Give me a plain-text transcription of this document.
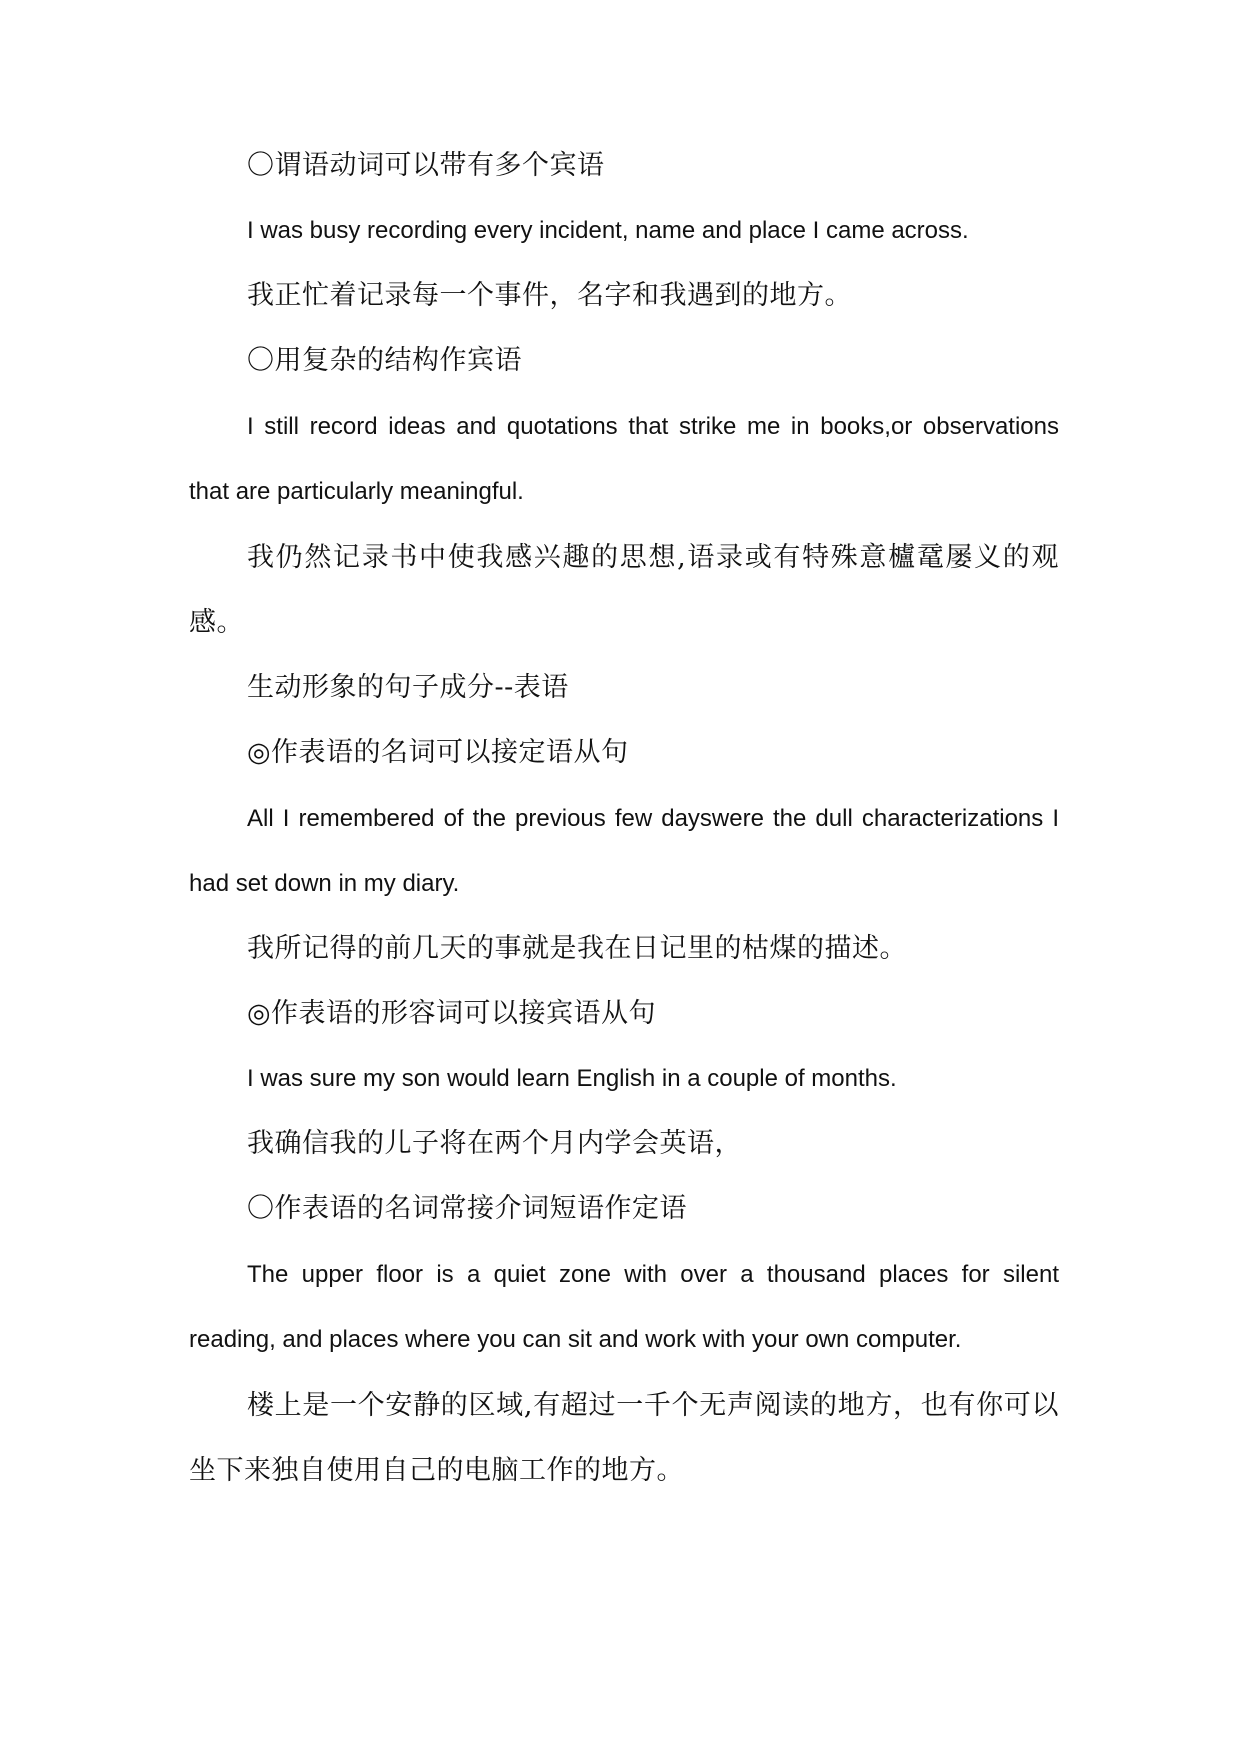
〇谓语动词可以带有多个宾语

I was busy recording every incident, name and place I came across.

我正忙着记录每一个事件，名字和我遇到的地方。

〇用复杂的结构作宾语

I still record ideas and quotations that strike me in books,or observations that are particularly meaningful.

我仍然记录书中使我感兴趣的思想,语录或有特殊意櫨鼋屡义的观感。

生动形象的句子成分--表语

◎作表语的名词可以接定语从句

All I remembered of the previous few dayswere the dull characterizations I had set down in my diary.

我所记得的前几天的事就是我在日记里的枯煤的描述。

◎作表语的形容词可以接宾语从句

I was sure my son would learn English in a couple of months.

我确信我的儿子将在两个月内学会英语，

〇作表语的名词常接介词短语作定语

The upper floor is a quiet zone with over a thousand places for silent reading, and places where you can sit and work with your own computer.

楼上是一个安静的区域,有超过一千个无声阅读的地方，也有你可以坐下来独自使用自己的电脑工作的地方。
